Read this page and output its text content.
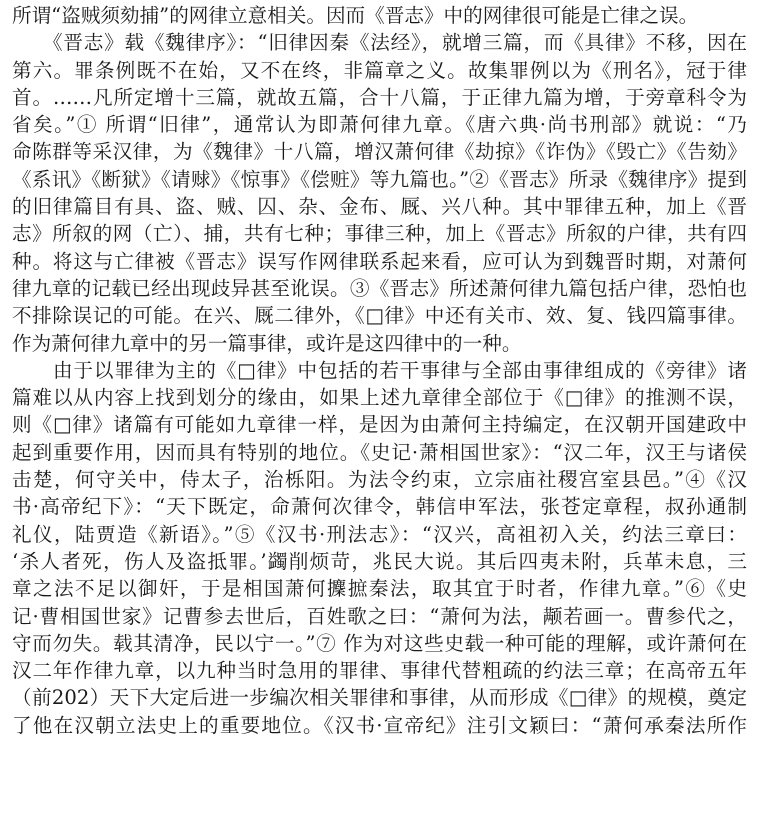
所谓“盗贼须劾捕”的网律立意相关。因而《晋志》中的网律很可能是亡律之误。
　　《晋志》载《魏律序》：“旧律因秦《法经》，就增三篇，而《具律》不移，因在
第六。罪条例既不在始，又不在终，非篇章之义。故集罪例以为《刑名》，冠于律
首。……凡所定增十三篇，就故五篇，合十八篇，于正律九篇为增，于旁章科令为
省矣。”① 所谓“旧律”，通常认为即萧何律九章。《唐六典·尚书刑部》就说：“乃
命陈群等采汉律，为《魏律》十八篇，增汉萧何律《劫掠》《诈伪》《毁亡》《告劾》
《系讯》《断狱》《请赇》《惊事》《偿赃》等九篇也。”②《晋志》所录《魏律序》提到
的旧律篇目有具、盗、贼、囚、杂、金布、厩、兴八种。其中罪律五种，加上《晋
志》所叙的网（亡）、捕，共有七种；事律三种，加上《晋志》所叙的户律，共有四
种。将这与亡律被《晋志》误写作网律联系起来看，应可认为到魏晋时期，对萧何
律九章的记载已经出现歧异甚至讹误。③《晋志》所述萧何律九篇包括户律，恐怕也
不排除误记的可能。在兴、厩二律外，《□律》中还有关市、效、复、钱四篇事律。
作为萧何律九章中的另一篇事律，或许是这四律中的一种。
　　由于以罪律为主的《□律》中包括的若干事律与全部由事律组成的《旁律》诸
篇难以从内容上找到划分的缘由，如果上述九章律全部位于《□律》的推测不误，
则《□律》诸篇有可能如九章律一样，是因为由萧何主持编定，在汉朝开国建政中
起到重要作用，因而具有特别的地位。《史记·萧相国世家》：“汉二年，汉王与诸侯
击楚，何守关中，侍太子，治栎阳。为法令约束，立宗庙社稷宫室县邑。”④《汉
书·高帝纪下》：“天下既定，命萧何次律令，韩信申军法，张苍定章程，叔孙通制
礼仪，陆贾造《新语》。”⑤《汉书·刑法志》：“汉兴，高祖初入关，约法三章曰：
‘杀人者死，伤人及盗抵罪。’蠲削烦苛，兆民大说。其后四夷未附，兵革未息，三
章之法不足以御奸，于是相国萧何攈摭秦法，取其宜于时者，作律九章。”⑥《史
记·曹相国世家》记曹参去世后，百姓歌之曰：“萧何为法，颟若画一。曹参代之，
守而勿失。载其清净，民以宁一。”⑦ 作为对这些史载一种可能的理解，或许萧何在
汉二年作律九章，以九种当时急用的罪律、事律代替粗疏的约法三章；在高帝五年
（前202）天下大定后进一步编次相关罪律和事律，从而形成《□律》的规模，奠定
了他在汉朝立法史上的重要地位。《汉书·宣帝纪》注引文颖曰：“萧何承秦法所作
